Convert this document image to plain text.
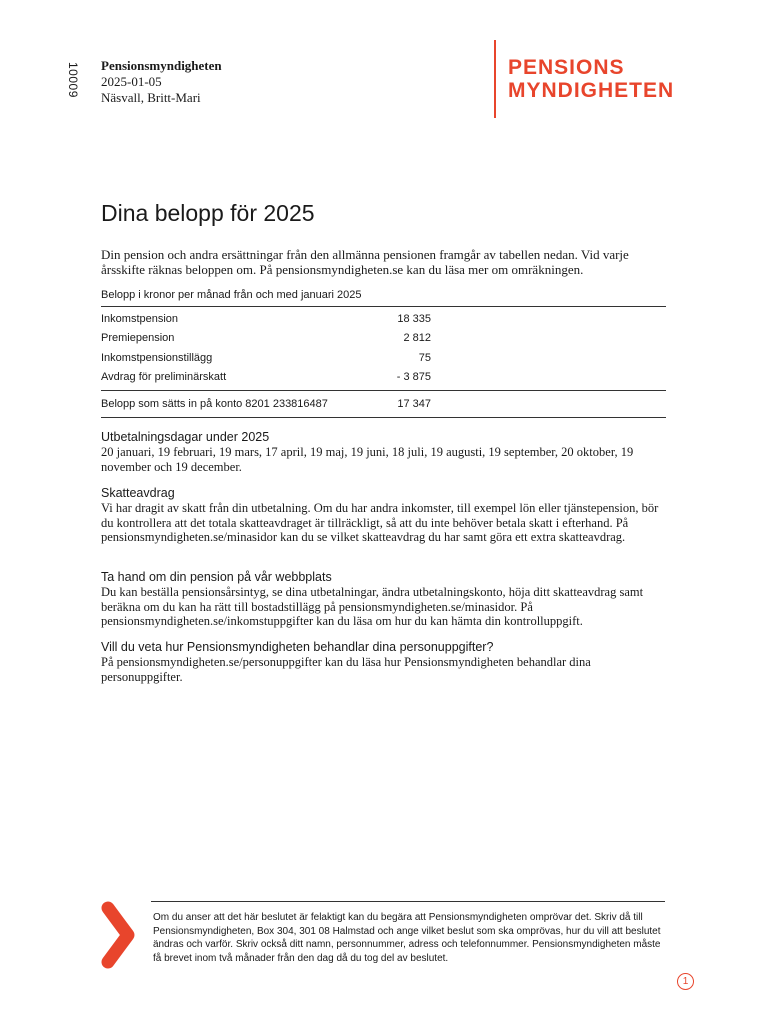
10009 Pensionsmyndigheten
2025-01-05
Näsvall, Britt-Mari
PENSIONS
MYNDIGHETEN
Dina belopp för 2025
Din pension och andra ersättningar från den allmänna pensionen framgår av tabellen nedan. Vid varje årsskifte räknas beloppen om. På pensionsmyndigheten.se kan du läsa mer om omräkningen.
Belopp i kronor per månad från och med januari 2025
Inkomstpension	18 335
Premiepension	2 812
Inkomstpensionstillägg	75
Avdrag för preliminärskatt	- 3 875
Belopp som sätts in på konto 8201 233816487	17 347
Utbetalningsdagar under 2025

20 januari, 19 februari, 19 mars, 17 april, 19 maj, 19 juni, 18 juli, 19 augusti, 19 september, 20 oktober, 19 november och 19 december.

Skatteavdrag

Vi har dragit av skatt från din utbetalning. Om du har andra inkomster, till exempel lön eller tjänstepension, bör du kontrollera att det totala skatteavdraget är tillräckligt, så att du inte behöver betala skatt i efterhand. På pensionsmyndigheten.se/minasidor kan du se vilket skatteavdrag du har samt göra ett extra skatteavdrag.

Ta hand om din pension på vår webbplats

Du kan beställa pensionsårsintyg, se dina utbetalningar, ändra utbetalningskonto, höja ditt skatteavdrag samt beräkna om du kan ha rätt till bostadstillägg på pensionsmyndigheten.se/minasidor. På pensionsmyndigheten.se/inkomstuppgifter kan du läsa om hur du kan hämta din kontrolluppgift.

Vill du veta hur Pensionsmyndigheten behandlar dina personuppgifter?

På pensionsmyndigheten.se/personuppgifter kan du läsa hur Pensionsmyndigheten behandlar dina personuppgifter.

Om du anser att det här beslutet är felaktigt kan du begära att Pensionsmyndigheten omprövar det. Skriv då till Pensionsmyndigheten, Box 304, 301 08 Halmstad och ange vilket beslut som ska omprövas, hur du vill att beslutet ändras och varför. Skriv också ditt namn, personnummer, adress och telefonnummer. Pensionsmyndigheten måste få brevet inom två månader från den dag då du tog del av beslutet.
1
